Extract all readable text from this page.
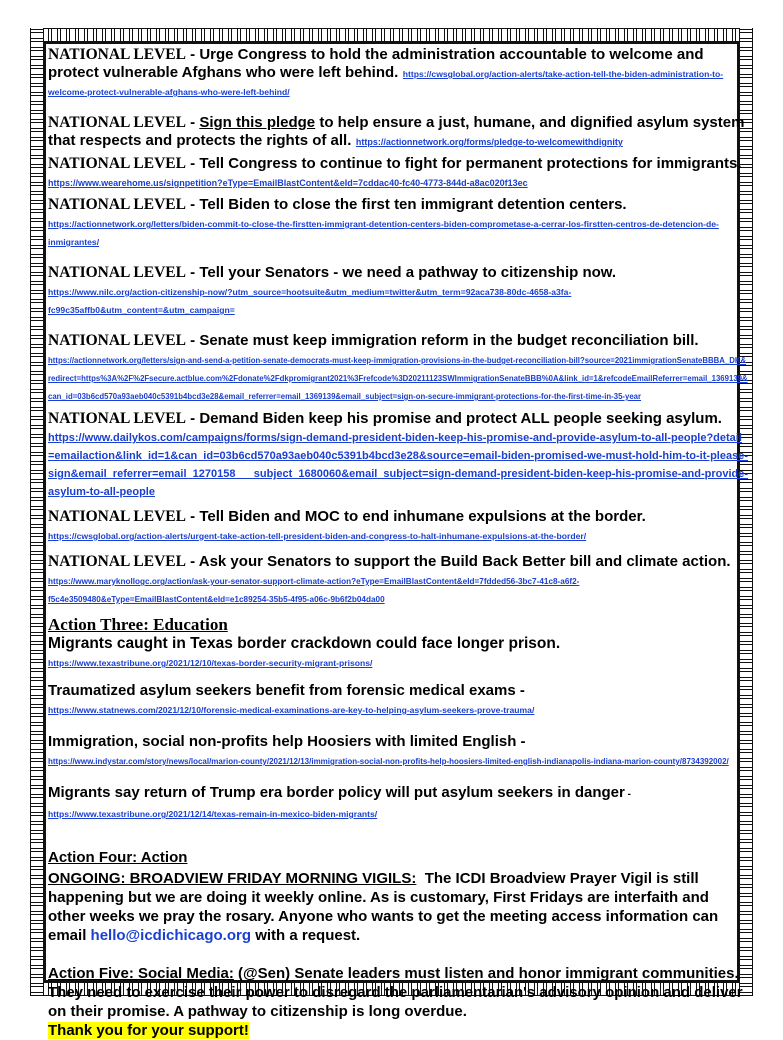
NATIONAL LEVEL - Urge Congress to hold the administration accountable to welcome and protect vulnerable Afghans who were left behind. https://cwsglobal.org/action-alerts/take-action-tell-the-biden-administration-to-welcome-protect-vulnerable-afghans-who-were-left-behind/

NATIONAL LEVEL - Sign this pledge to help ensure a just, humane, and dignified asylum system that respects and protects the rights of all. https://actionnetwork.org/forms/pledge-to-welcomewithdignity

NATIONAL LEVEL - Tell Congress to continue to fight for permanent protections for immigrants. https://www.wearehome.us/signpetition?eType=EmailBlastContent&eId=7cddac40-fc40-4773-844d-a8ac020f13ec

NATIONAL LEVEL - Tell Biden to close the first ten immigrant detention centers.
https://actionnetwork.org/letters/biden-commit-to-close-the-firstten-immigrant-detention-centers-biden-comprometase-a-cerrar-los-firstten-centros-de-detencion-de-inmigrantes/

NATIONAL LEVEL - Tell your Senators - we need a pathway to citizenship now.
https://www.nilc.org/action-citizenship-now/?utm_source=hootsuite&utm_medium=twitter&utm_term=92aca738-80dc-4658-a3fa-fc99c35affb0&utm_content=&utm_campaign=

NATIONAL LEVEL - Senate must keep immigration reform in the budget reconciliation bill.
https://actionnetwork.org/letters/sign-and-send-a-petition-senate-democrats-must-keep-immigration-provisions-in-the-budget-reconciliation-bill?source=2021immigrationSenateBBBA_DK&redirect=https%3A%2F%2Fsecure.actblue.com%2Fdonate%2Fdkpromigrant2021%3Frefcode%3D20211123SWImmigrationSenateBBB%0A&link_id=1&refcodeEmailReferrer=email_1369139&can_id=03b6cd570a93aeb040c5391b4bcd3e28&email_referrer=email_1369139&email_subject=sign-on-secure-immigrant-protections-for-the-first-time-in-35-year

NATIONAL LEVEL - Demand Biden keep his promise and protect ALL people seeking asylum.
https://www.dailykos.com/campaigns/forms/sign-demand-president-biden-keep-his-promise-and-provide-asylum-to-all-people?detail=emailaction&link_id=1&can_id=03b6cd570a93aeb040c5391b4bcd3e28&source=email-biden-promised-we-must-hold-him-to-it-please-sign&email_referrer=email_1270158___subject_1680060&email_subject=sign-demand-president-biden-keep-his-promise-and-provide-asylum-to-all-people

NATIONAL LEVEL - Tell Biden and MOC to end inhumane expulsions at the border.
https://cwsglobal.org/action-alerts/urgent-take-action-tell-president-biden-and-congress-to-halt-inhumane-expulsions-at-the-border/

NATIONAL LEVEL - Ask your Senators to support the Build Back Better bill and climate action. https://www.maryknollogc.org/action/ask-your-senator-support-climate-action?eType=EmailBlastContent&eId=7fdded56-3bc7-41c8-a6f2-f5c4e3509480&eType=EmailBlastContent&eId=e1c89254-35b5-4f95-a06c-9b6f2b04da00

Action Three: Education

Migrants caught in Texas border crackdown could face longer prison.
https://www.texastribune.org/2021/12/10/texas-border-security-migrant-prisons/

Traumatized asylum seekers benefit from forensic medical exams -
https://www.statnews.com/2021/12/10/forensic-medical-examinations-are-key-to-helping-asylum-seekers-prove-trauma/

Immigration, social non-profits help Hoosiers with limited English -
https://www.indystar.com/story/news/local/marion-county/2021/12/13/immigration-social-non-profits-help-hoosiers-limited-english-indianapolis-indiana-marion-county/8734392002/

Migrants say return of Trump era border policy will put asylum seekers in danger -
https://www.texastribune.org/2021/12/14/texas-remain-in-mexico-biden-migrants/

Action Four: Action

ONGOING: BROADVIEW FRIDAY MORNING VIGILS: The ICDI Broadview Prayer Vigil is still happening but we are doing it weekly online. As is customary, First Fridays are interfaith and other weeks we pray the rosary. Anyone who wants to get the meeting access information can email hello@icdichicago.org with a request.

Action Five: Social Media: (@Sen) Senate leaders must listen and honor immigrant communities. They need to exercise their power to disregard the parliamentarian's advisory opinion and deliver on their promise. A pathway to citizenship is long overdue.
Thank you for your support!
